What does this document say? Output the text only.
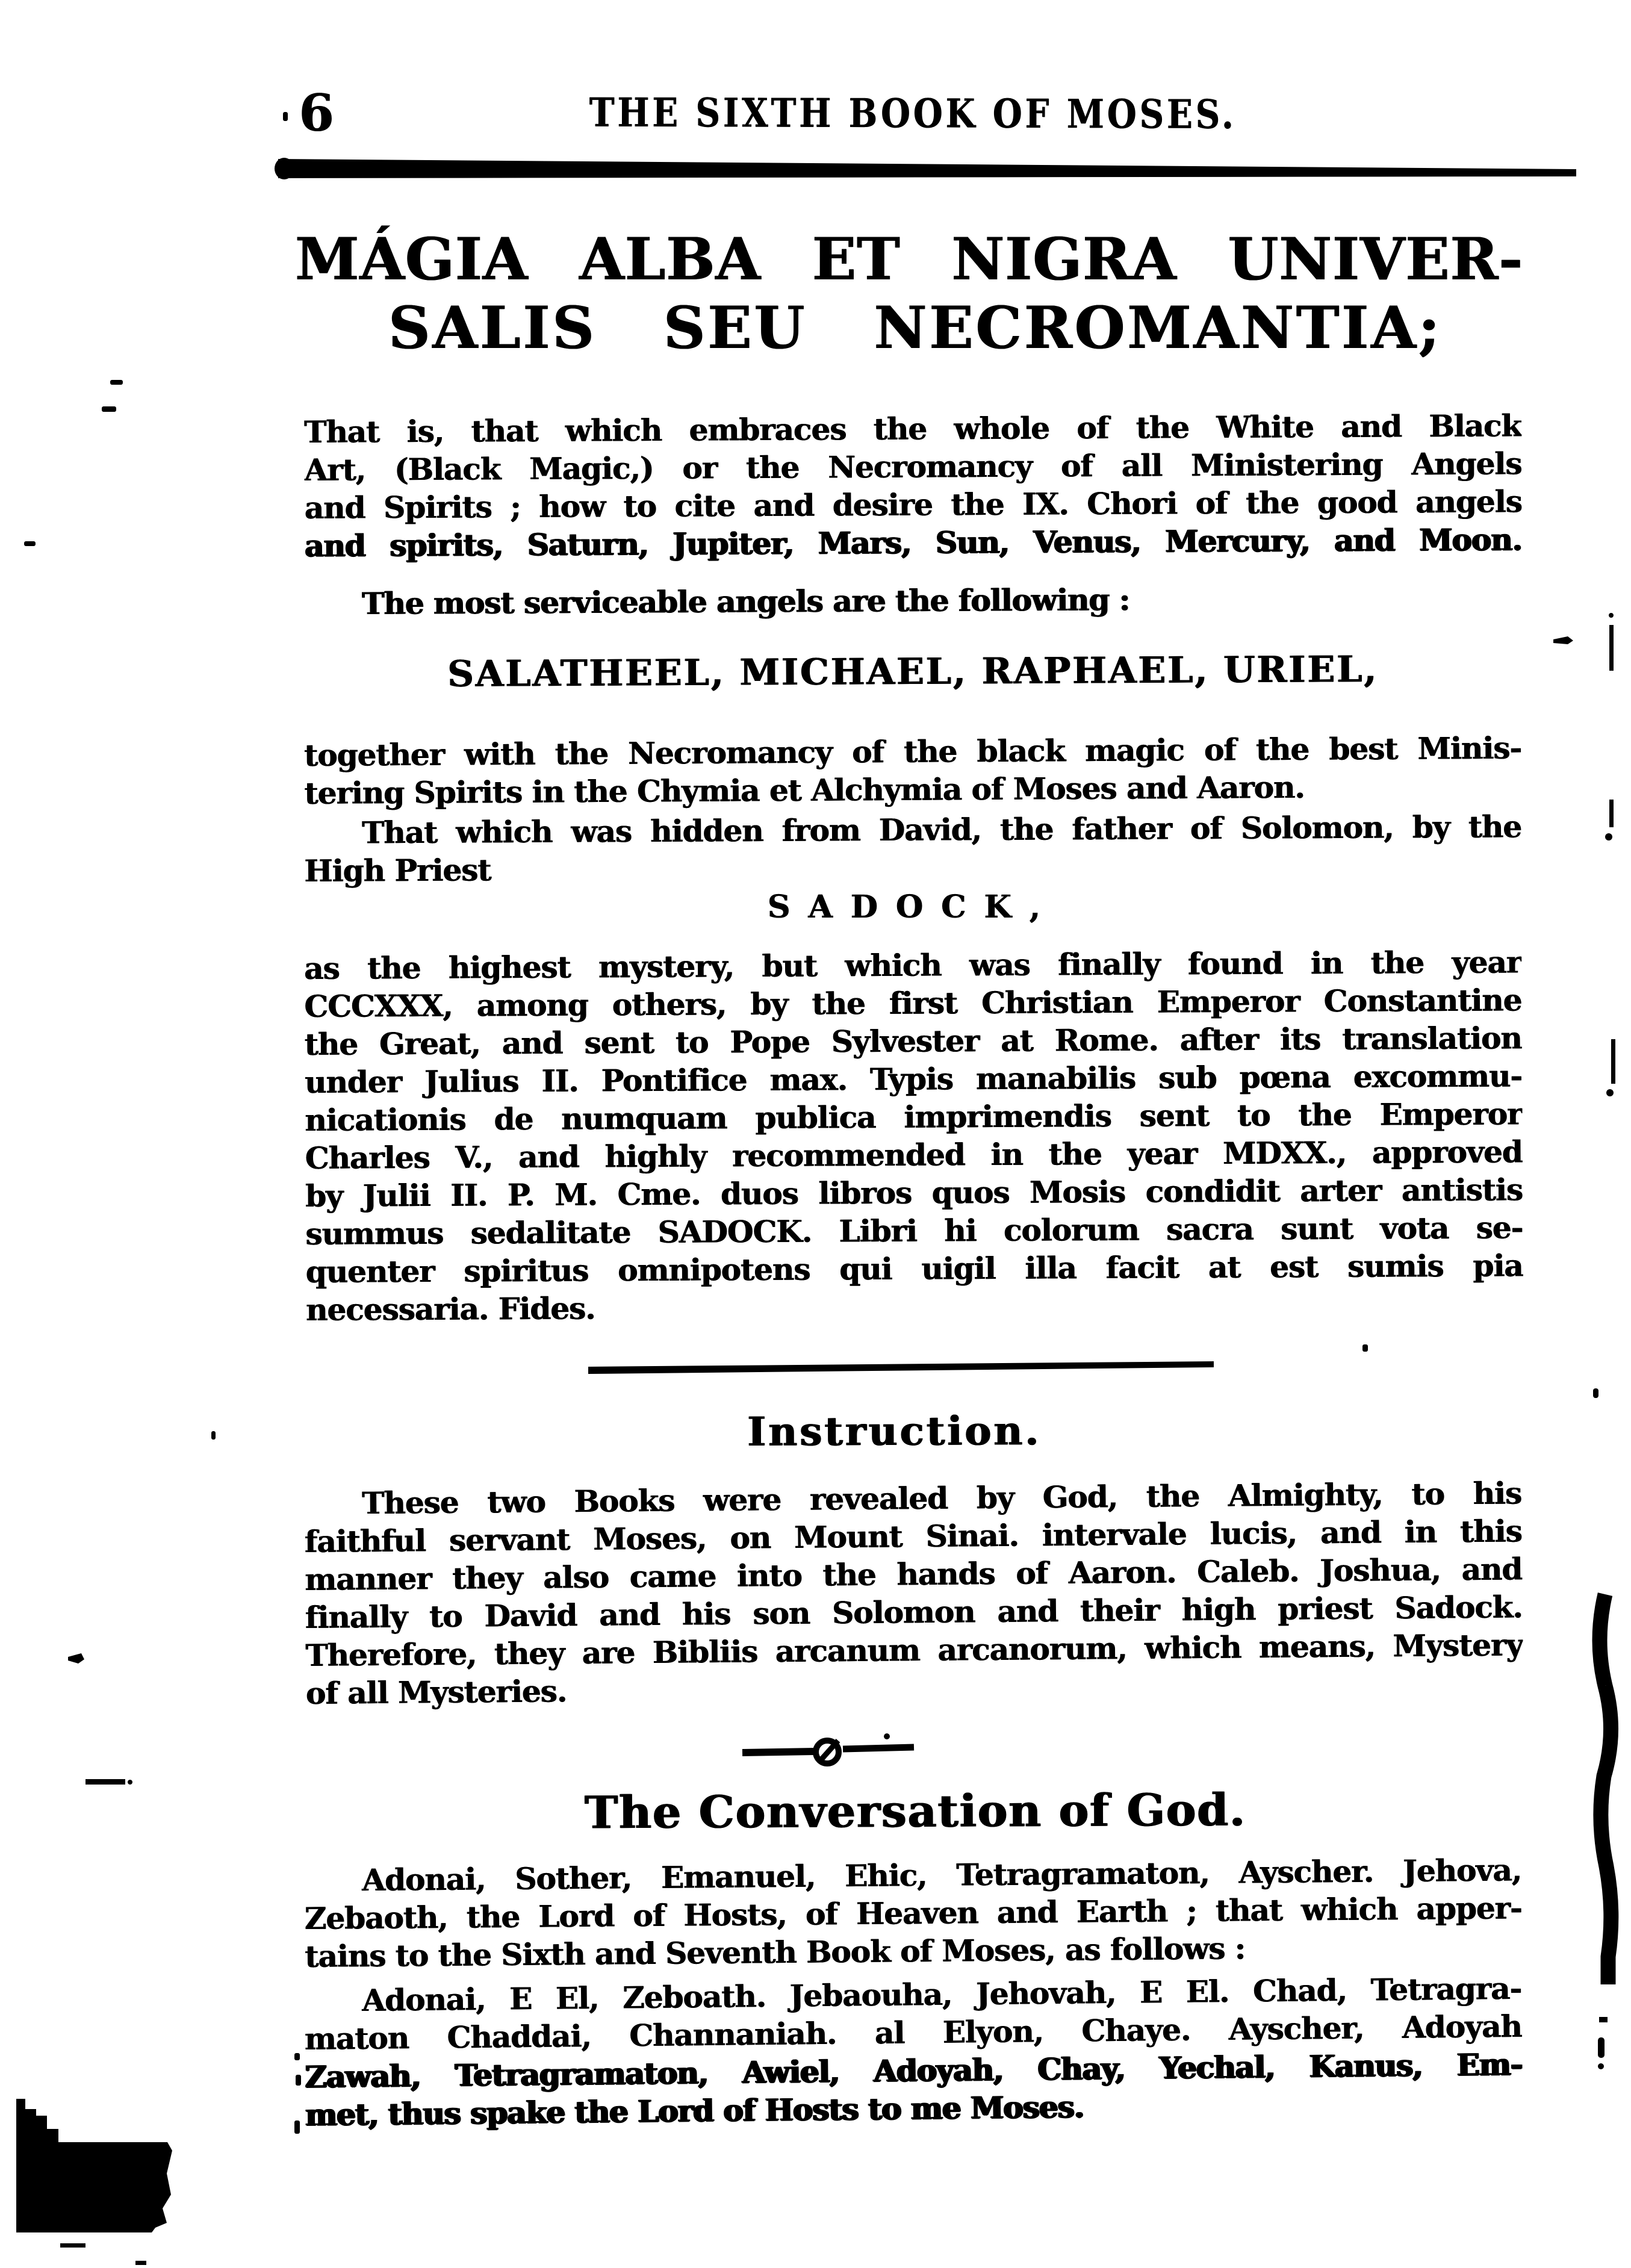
6	THE SIXTH BOOK OF MOSES.
MÁGIA ALBA ET NIGRA UNIVER-
SALIS SEU NECROMANTIA;
That is, that which embraces the whole of the White and Black
Art, (Black Magic,) or the Necromancy of all Ministering Angels
and Spirits ; how to cite and desire the IX. Chori of the good angels
and spirits, Saturn, Jupiter, Mars, Sun, Venus, Mercury, and Moon.
The most serviceable angels are the following :
SALATHEEL, MICHAEL, RAPHAEL, URIEL,
together with the Necromancy of the black magic of the best Minis-
tering Spirits in the Chymia et Alchymia of Moses and Aaron.
That which was hidden from David, the father of Solomon, by the
High Priest
SADOCK,
as the highest mystery, but which was finally found in the year
CCCXXX, among others, by the first Christian Emperor Constantine
the Great, and sent to Pope Sylvester at Rome. after its translation
under Julius II. Pontifice max. Typis manabilis sub pœna excommu-
nicationis de numquam publica imprimendis sent to the Emperor
Charles V., and highly recommended in the year MDXX., approved
by Julii II. P. M. Cme. duos libros quos Mosis condidit arter antistis
summus sedalitate SADOCK. Libri hi colorum sacra sunt vota se-
quenter spiritus omnipotens qui uigil illa facit at est sumis pia
necessaria. Fides.
Instruction.
These two Books were revealed by God, the Almighty, to his
faithful servant Moses, on Mount Sinai. intervale lucis, and in this
manner they also came into the hands of Aaron. Caleb. Joshua, and
finally to David and his son Solomon and their high priest Sadock.
Therefore, they are Bibliis arcanum arcanorum, which means, Mystery
of all Mysteries.
The Conversation of God.
Adonai, Sother, Emanuel, Ehic, Tetragramaton, Ayscher. Jehova,
Zebaoth, the Lord of Hosts, of Heaven and Earth ; that which apper-
tains to the Sixth and Seventh Book of Moses, as follows :
Adonai, E El, Zeboath. Jebaouha, Jehovah, E El. Chad, Tetragra-
maton Chaddai, Channaniah. al Elyon, Chaye. Ayscher, Adoyah
Zawah, Tetragramaton, Awiel, Adoyah, Chay, Yechal, Kanus, Em-
met, thus spake the Lord of Hosts to me Moses.
